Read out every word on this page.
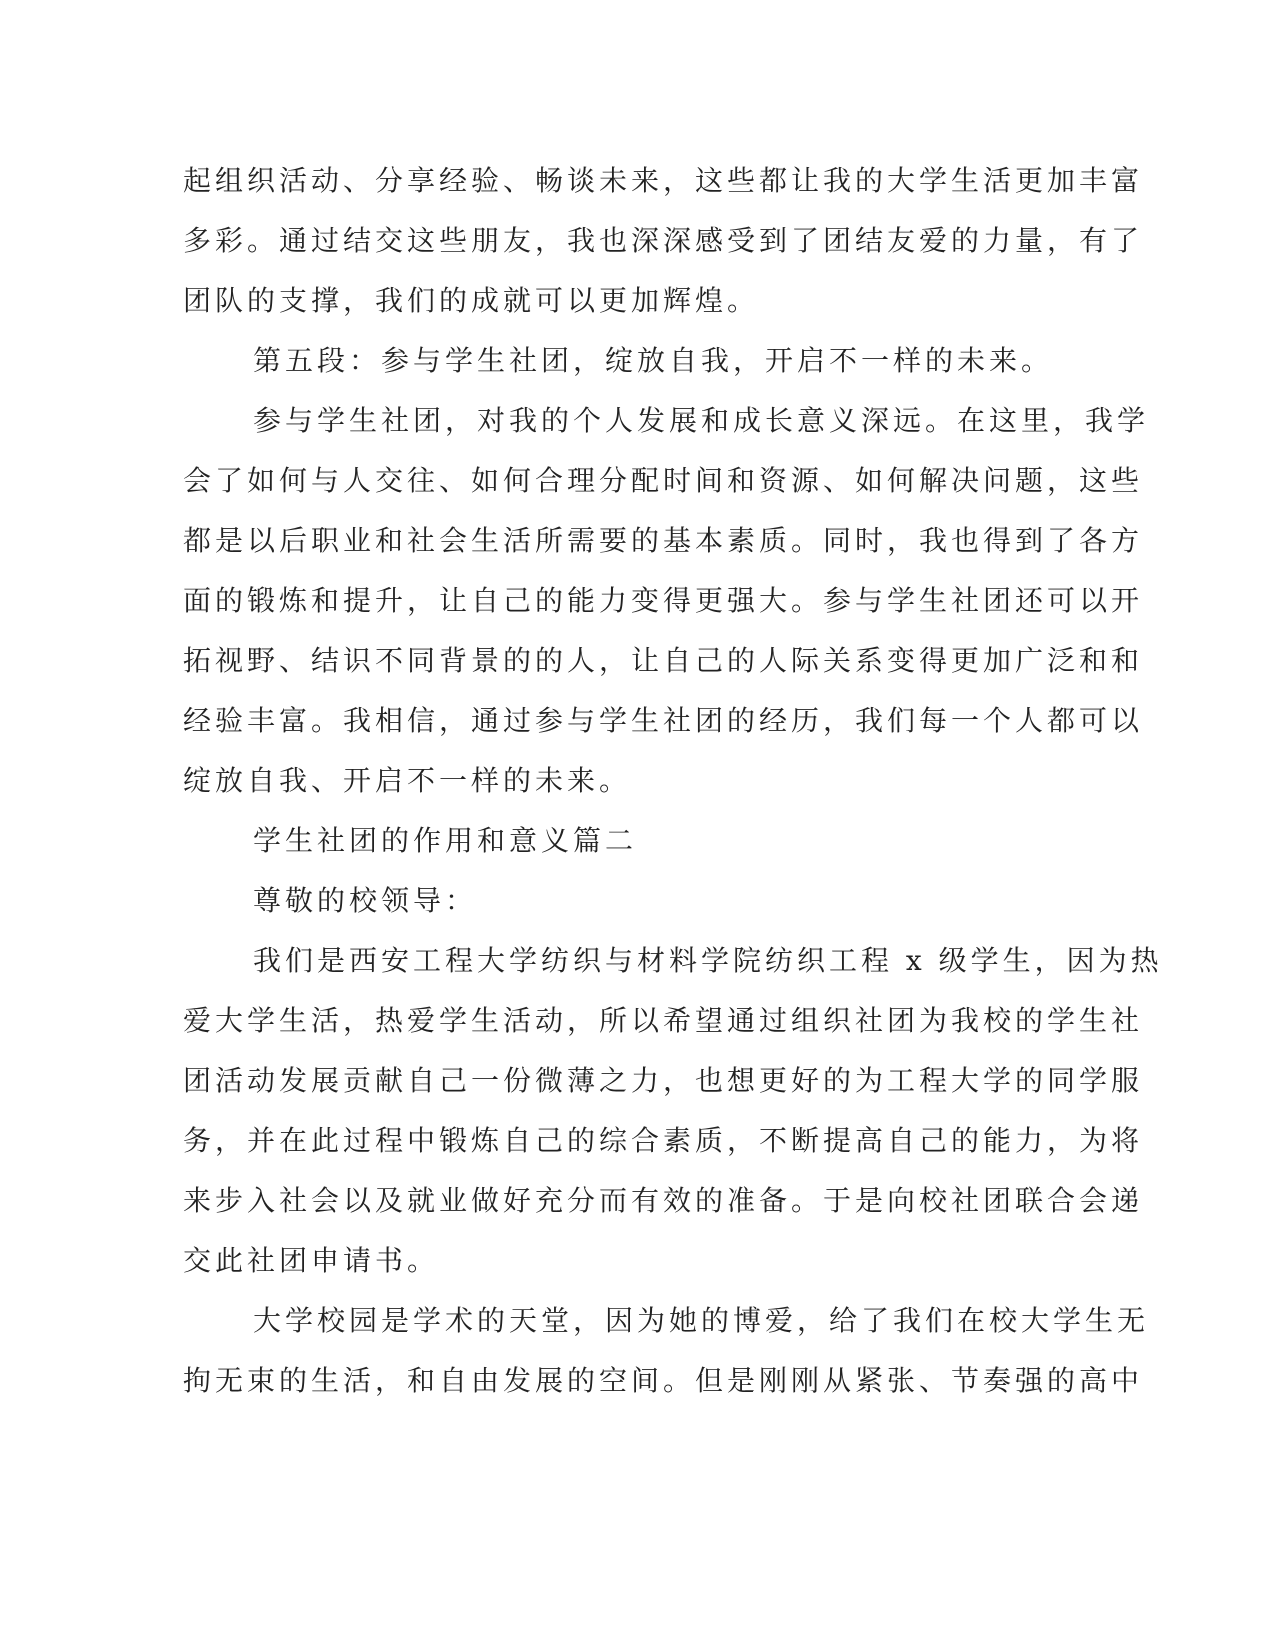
起组织活动、分享经验、畅谈未来，这些都让我的大学生活更加丰富
多彩。通过结交这些朋友，我也深深感受到了团结友爱的力量，有了
团队的支撑，我们的成就可以更加辉煌。
第五段：参与学生社团，绽放自我，开启不一样的未来。
参与学生社团，对我的个人发展和成长意义深远。在这里，我学
会了如何与人交往、如何合理分配时间和资源、如何解决问题，这些
都是以后职业和社会生活所需要的基本素质。同时，我也得到了各方
面的锻炼和提升，让自己的能力变得更强大。参与学生社团还可以开
拓视野、结识不同背景的的人，让自己的人际关系变得更加广泛和和
经验丰富。我相信，通过参与学生社团的经历，我们每一个人都可以
绽放自我、开启不一样的未来。
学生社团的作用和意义篇二
尊敬的校领导：
我们是西安工程大学纺织与材料学院纺织工程 x 级学生，因为热
爱大学生活，热爱学生活动，所以希望通过组织社团为我校的学生社
团活动发展贡献自己一份微薄之力，也想更好的为工程大学的同学服
务，并在此过程中锻炼自己的综合素质，不断提高自己的能力，为将
来步入社会以及就业做好充分而有效的准备。于是向校社团联合会递
交此社团申请书。
大学校园是学术的天堂，因为她的博爱，给了我们在校大学生无
拘无束的生活，和自由发展的空间。但是刚刚从紧张、节奏强的高中
